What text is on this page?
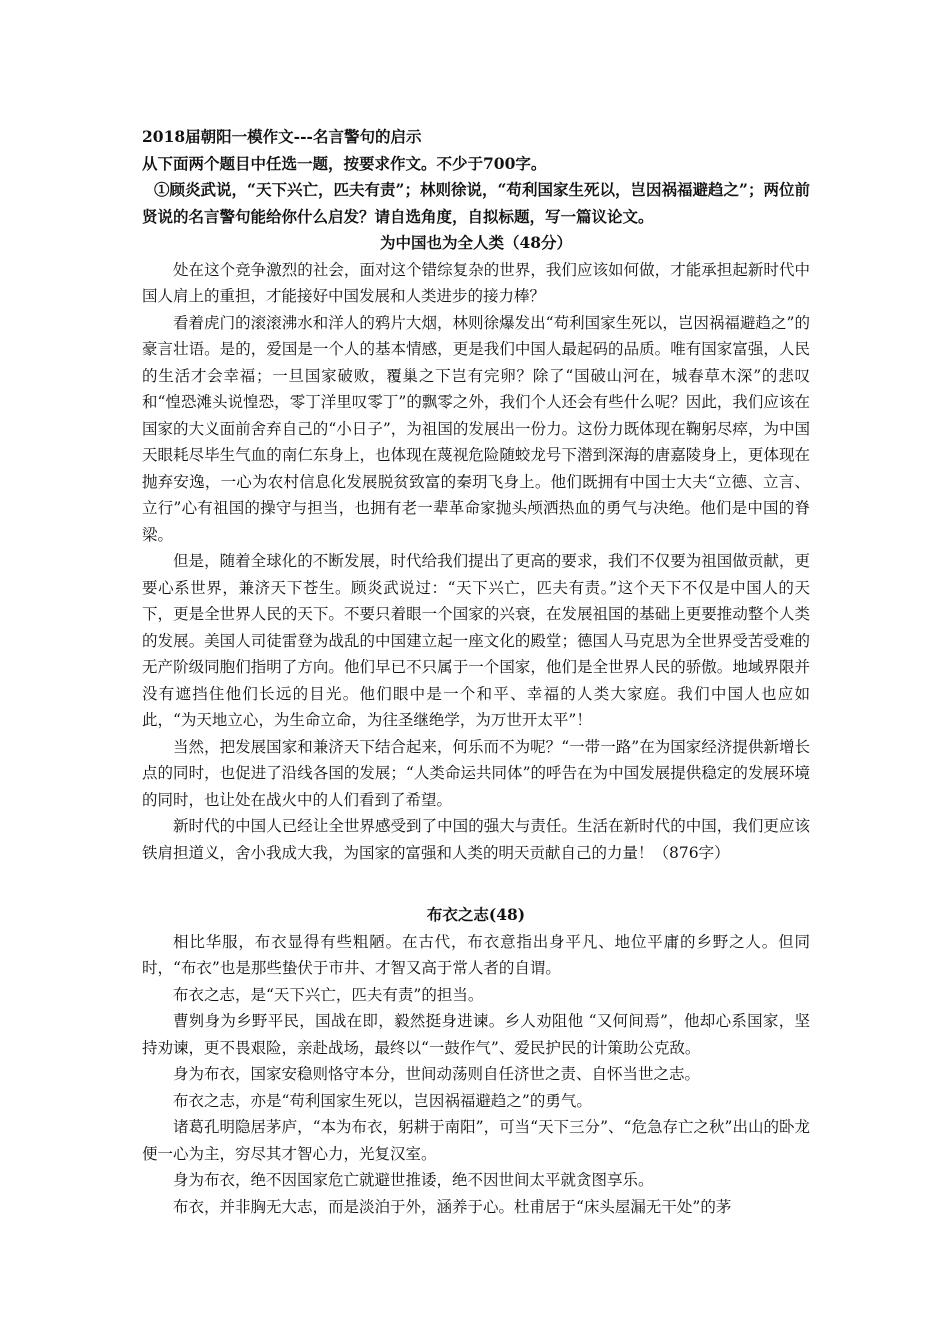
2018届朝阳一模作文---名言警句的启示
从下面两个题目中任选一题，按要求作文。不少于700字。

①顾炎武说，“天下兴亡，匹夫有责”；林则徐说，“苟利国家生死以，岂因祸福避趋之”；两位前贤说的名言警句能给你什么启发？请自选角度，自拟标题，写一篇议论文。

为中国也为全人类（48分）

处在这个竞争激烈的社会，面对这个错综复杂的世界，我们应该如何做，才能承担起新时代中国人肩上的重担，才能接好中国发展和人类进步的接力棒？

看着虎门的滚滚沸水和洋人的鸦片大烟，林则徐爆发出“苟利国家生死以，岂因祸福避趋之”的豪言壮语。是的，爱国是一个人的基本情感，更是我们中国人最起码的品质。唯有国家富强，人民的生活才会幸福；一旦国家破败，覆巢之下岂有完卵？除了“国破山河在，城春草木深”的悲叹和“惶恐滩头说惶恐，零丁洋里叹零丁”的飘零之外，我们个人还会有些什么呢？因此，我们应该在国家的大义面前舍弃自己的“小日子”，为祖国的发展出一份力。这份力既体现在鞠躬尽瘁，为中国天眼耗尽毕生气血的南仁东身上，也体现在蔑视危险随蛟龙号下潜到深海的唐嘉陵身上，更体现在抛弃安逸，一心为农村信息化发展脱贫致富的秦玥飞身上。他们既拥有中国士大夫“立德、立言、立行”心有祖国的操守与担当，也拥有老一辈革命家抛头颅洒热血的勇气与决绝。他们是中国的脊梁。

但是，随着全球化的不断发展，时代给我们提出了更高的要求，我们不仅要为祖国做贡献，更要心系世界，兼济天下苍生。顾炎武说过：“天下兴亡，匹夫有责。”这个天下不仅是中国人的天下，更是全世界人民的天下。不要只着眼一个国家的兴衰，在发展祖国的基础上更要推动整个人类的发展。美国人司徒雷登为战乱的中国建立起一座文化的殿堂；德国人马克思为全世界受苦受难的无产阶级同胞们指明了方向。他们早已不只属于一个国家，他们是全世界人民的骄傲。地域界限并没有遮挡住他们长远的目光。他们眼中是一个和平、幸福的人类大家庭。我们中国人也应如此，“为天地立心，为生命立命，为往圣继绝学，为万世开太平”！

当然，把发展国家和兼济天下结合起来，何乐而不为呢？“一带一路”在为国家经济提供新增长点的同时，也促进了沿线各国的发展；“人类命运共同体”的呼告在为中国发展提供稳定的发展环境的同时，也让处在战火中的人们看到了希望。

新时代的中国人已经让全世界感受到了中国的强大与责任。生活在新时代的中国，我们更应该铁肩担道义，舍小我成大我，为国家的富强和人类的明天贡献自己的力量！（876字）

布衣之志(48)

相比华服，布衣显得有些粗陋。在古代，布衣意指出身平凡、地位平庸的乡野之人。但同时，“布衣”也是那些蛰伏于市井、才智又高于常人者的自谓。

布衣之志，是“天下兴亡，匹夫有责”的担当。

曹刿身为乡野平民，国战在即，毅然挺身进谏。乡人劝阻他 “又何间焉”，他却心系国家，坚持劝谏，更不畏艰险，亲赴战场，最终以“一鼓作气”、爱民护民的计策助公克敌。

身为布衣，国家安稳则恪守本分，世间动荡则自任济世之责、自怀当世之志。

布衣之志，亦是“苟利国家生死以，岂因祸福避趋之”的勇气。

诸葛孔明隐居茅庐，“本为布衣，躬耕于南阳”，可当“天下三分”、“危急存亡之秋”出山的卧龙便一心为主，穷尽其才智心力，光复汉室。

身为布衣，绝不因国家危亡就避世推诿，绝不因世间太平就贪图享乐。

布衣，并非胸无大志，而是淡泊于外，涵养于心。杜甫居于“床头屋漏无干处”的茅
